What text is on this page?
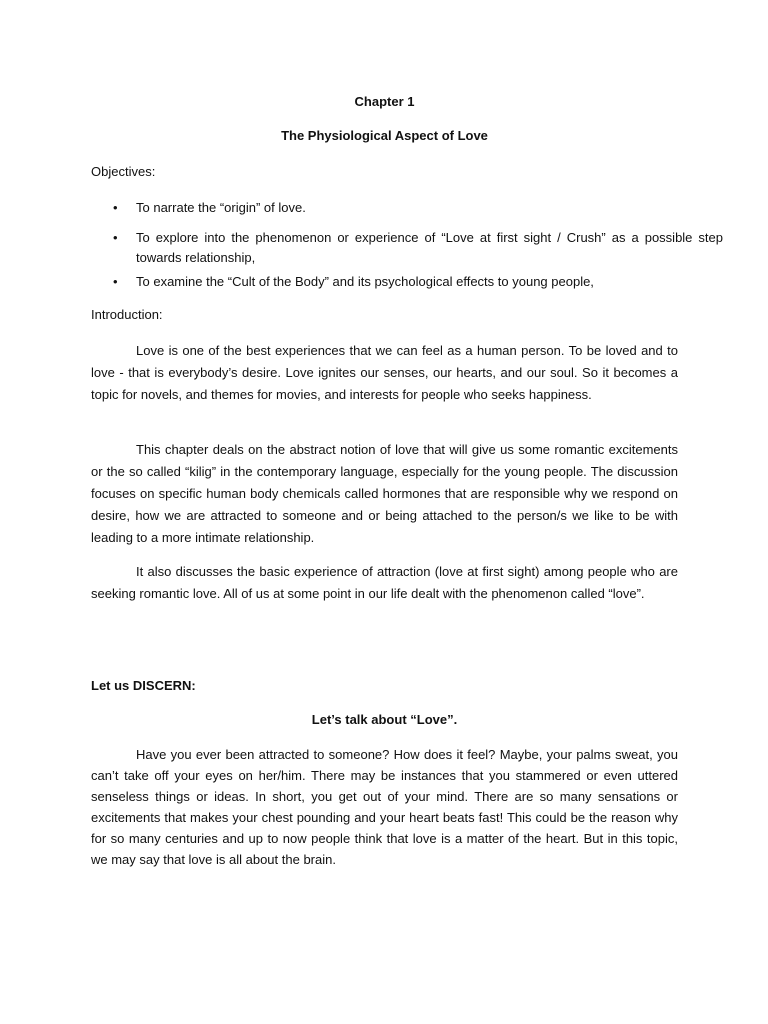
Chapter 1

The Physiological Aspect of Love

Objectives:

• To narrate the “origin” of love.
• To explore into the phenomenon or experience of “Love at first sight / Crush” as a possible step towards relationship,
• To examine the “Cult of the Body” and its psychological effects to young people,

Introduction:

Love is one of the best experiences that we can feel as a human person. To be loved and to love - that is everybody’s desire. Love ignites our senses, our hearts, and our soul. So it becomes a topic for novels, and themes for movies, and interests for people who seeks happiness.

This chapter deals on the abstract notion of love that will give us some romantic excitements or the so called “kilig” in the contemporary language, especially for the young people. The discussion focuses on specific human body chemicals called hormones that are responsible why we respond on desire, how we are attracted to someone and or being attached to the person/s we like to be with leading to a more intimate relationship.

It also discusses the basic experience of attraction (love at first sight) among people who are seeking romantic love. All of us at some point in our life dealt with the phenomenon called “love”.

Let us DISCERN:

Let’s talk about “Love”.

Have you ever been attracted to someone? How does it feel? Maybe, your palms sweat, you can’t take off your eyes on her/him. There may be instances that you stammered or even uttered senseless things or ideas. In short, you get out of your mind. There are so many sensations or excitements that makes your chest pounding and your heart beats fast! This could be the reason why for so many centuries and up to now people think that love is a matter of the heart. But in this topic, we may say that love is all about the brain.
